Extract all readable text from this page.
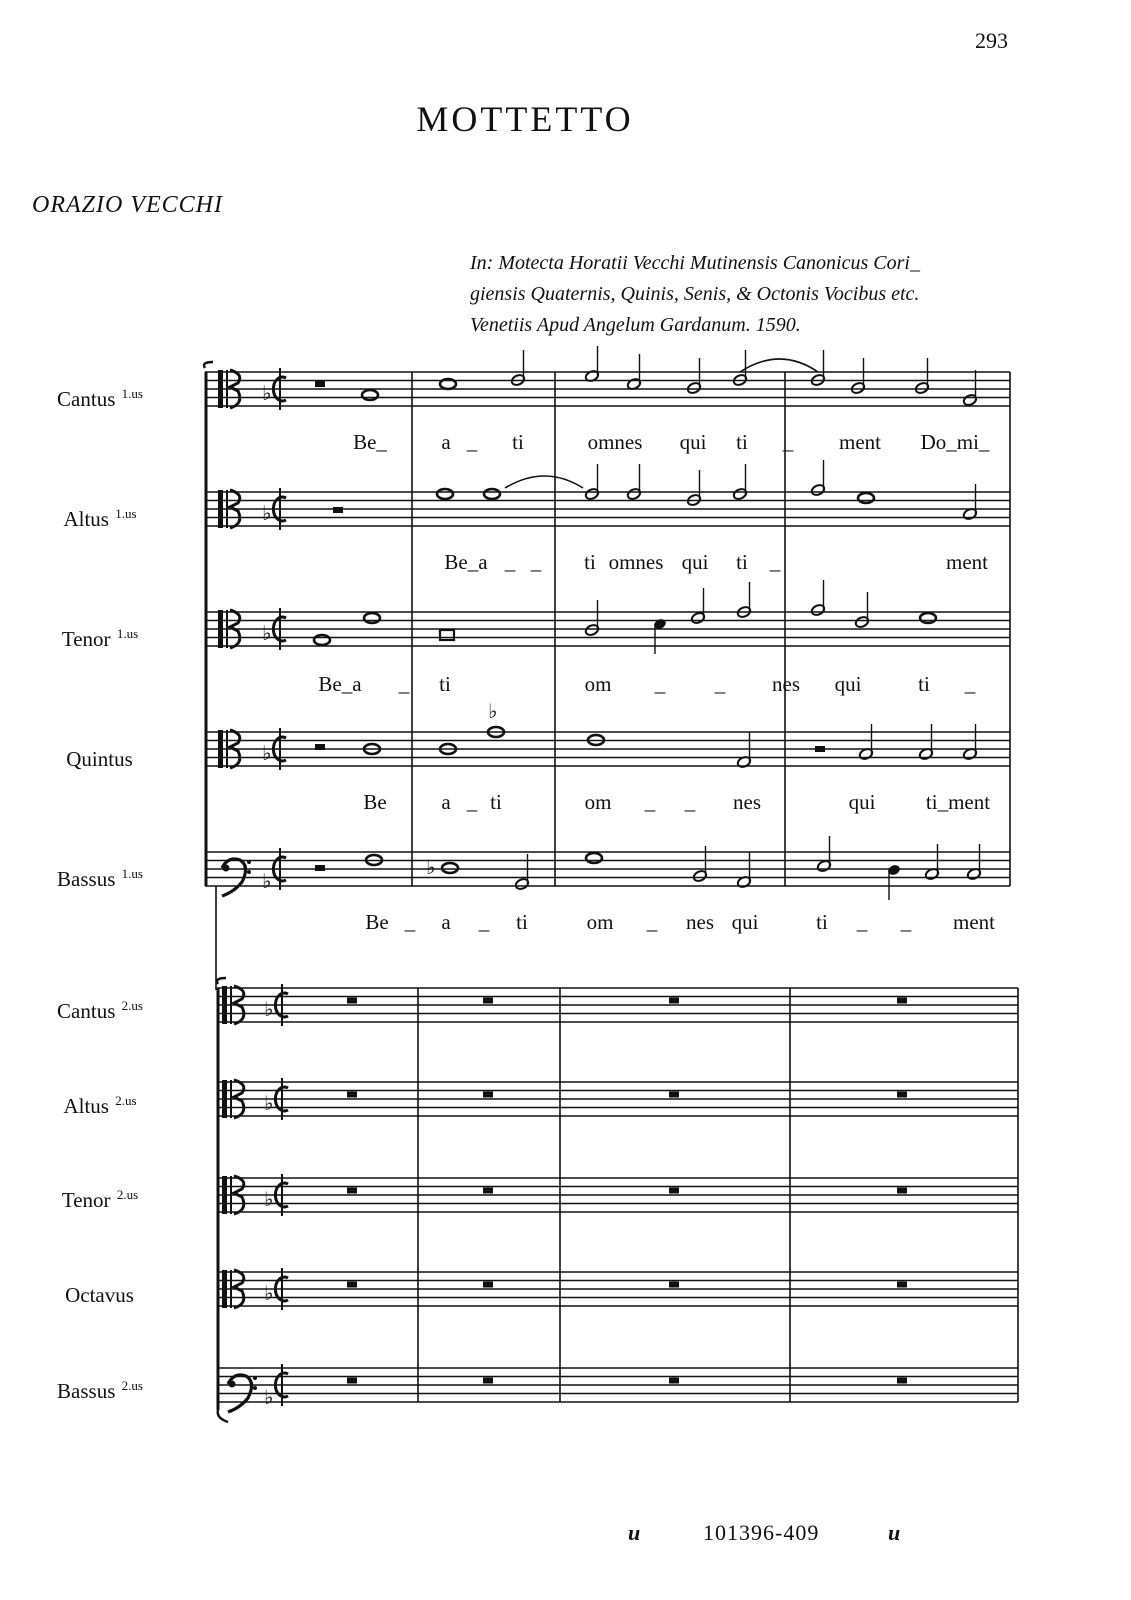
293
MOTTETTO
ORAZIO VECCHI
In: Motecta Horatii Vecchi Mutinensis Canonicus Cori_
giensis Quaternis, Quinis, Senis, & Octonis Vocibus etc.
Venetiis Apud Angelum Gardanum. 1590.
Cantus $^{1.us}$
Altus $^{1.us}$
Tenor $^{1.us}$
Quintus
Bassus $^{1.us}$
Cantus $^{2.us}$
Altus $^{2.us}$
Tenor $^{2.us}$
Octavus
Bassus $^{2.us}$
♭
♭
♭
♭
♭
♭
♭
♭
♭
♭
♭
♭
Be_	a _ ti	omnes qui ti _ ment Do_mi_
Be_a _ _ ti omnes qui ti _	ment
Be_a _ ti	om _ _ nes qui	ti _
Be	a _ ti	om _ _ nes	qui ti_ment
Be _ a _ ti	om _ nes qui	ti _ _ ment
u	101396-409	u
